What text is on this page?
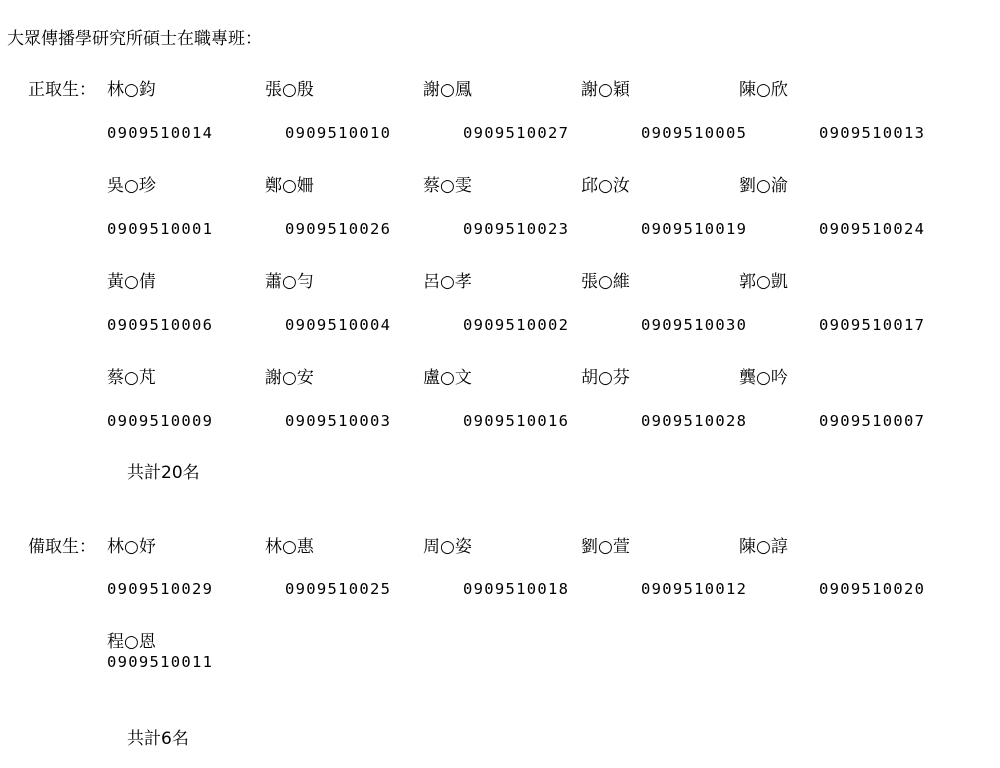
大眾傳播學研究所碩士在職專班：
正取生： 林○鈞	張○殷	謝○鳳	謝○穎	陳○欣
0909510014	0909510010	0909510027	0909510005	0909510013
吳○珍	鄭○姍	蔡○雯	邱○汝	劉○渝
0909510001	0909510026	0909510023	0909510019	0909510024
黃○倩	蕭○勻	呂○孝	張○維	郭○凱
0909510006	0909510004	0909510002	0909510030	0909510017
蔡○芃	謝○安	盧○文	胡○芬	龔○吟
0909510009	0909510003	0909510016	0909510028	0909510007
共計20名
備取生： 林○妤	林○惠	周○姿	劉○萱	陳○諄
0909510029	0909510025	0909510018	0909510012	0909510020
程○恩
0909510011
共計6名
